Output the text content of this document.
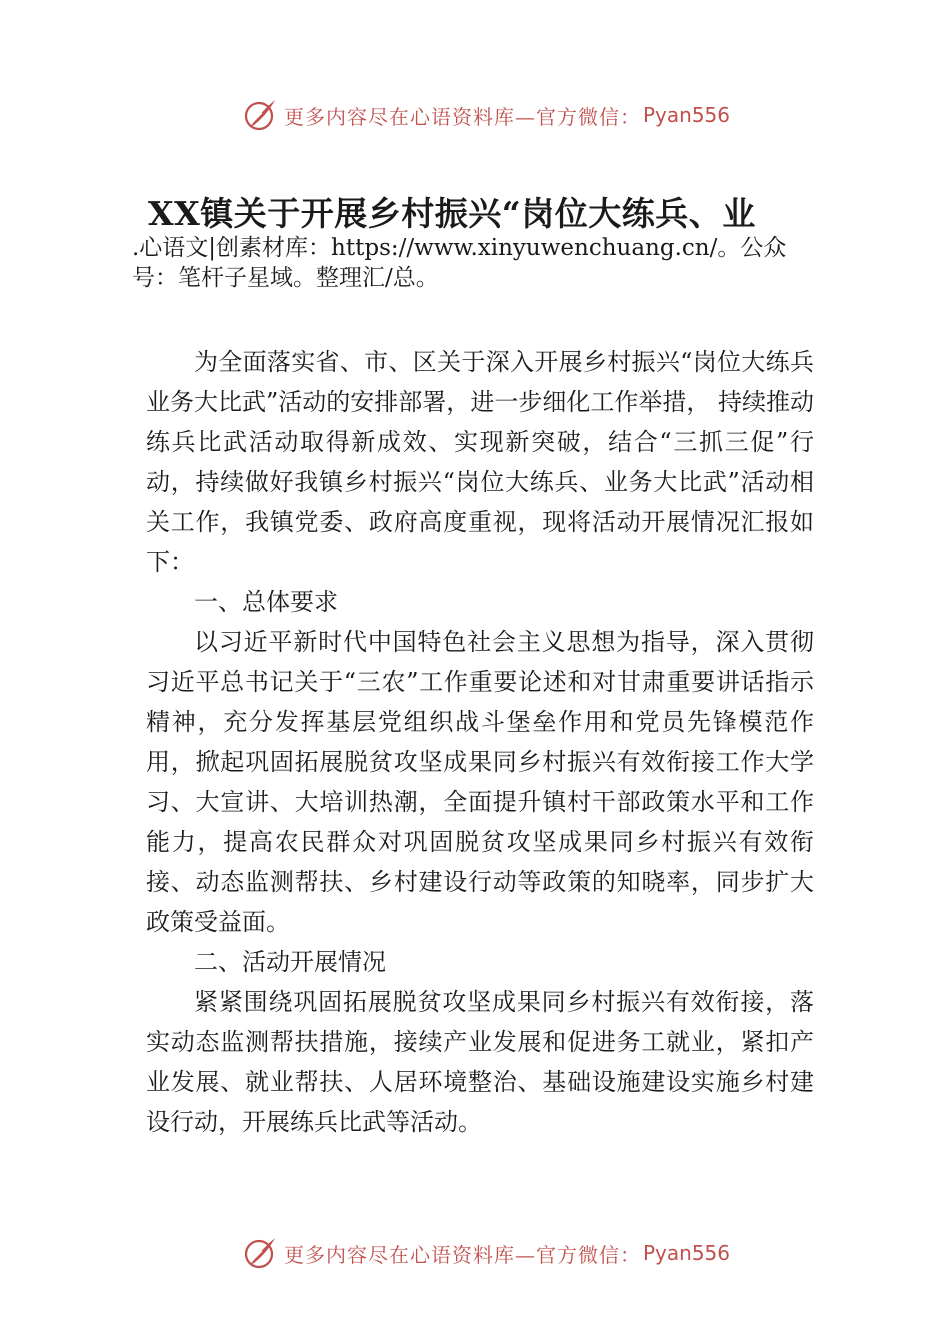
更多内容尽在心语资料库—官方微信： Pyan556
XX镇关于开展乡村振兴“岗位大练兵、业
.心语文|创素材库：https://www.xinyuwenchuang.cn/。公众号：笔杆子星域。整理汇/总。

为全面落实省、市、区关于深入开展乡村振兴“岗位大练兵业务大比武”活动的安排部署，进一步细化工作举措， 持续推动练兵比武活动取得新成效、实现新突破，结合“三抓三促”行动，持续做好我镇乡村振兴“岗位大练兵、业务大比武”活动相关工作，我镇党委、政府高度重视，现将活动开展情况汇报如下：

一、总体要求

以习近平新时代中国特色社会主义思想为指导，深入贯彻习近平总书记关于“三农”工作重要论述和对甘肃重要讲话指示精神，充分发挥基层党组织战斗堡垒作用和党员先锋模范作用，掀起巩固拓展脱贫攻坚成果同乡村振兴有效衔接工作大学习、大宣讲、大培训热潮，全面提升镇村干部政策水平和工作能力，提高农民群众对巩固脱贫攻坚成果同乡村振兴有效衔接、动态监测帮扶、乡村建设行动等政策的知晓率，同步扩大政策受益面。

二、活动开展情况

紧紧围绕巩固拓展脱贫攻坚成果同乡村振兴有效衔接，落实动态监测帮扶措施，接续产业发展和促进务工就业，紧扣产业发展、就业帮扶、人居环境整治、基础设施建设实施乡村建设行动，开展练兵比武等活动。

更多内容尽在心语资料库—官方微信： Pyan556
